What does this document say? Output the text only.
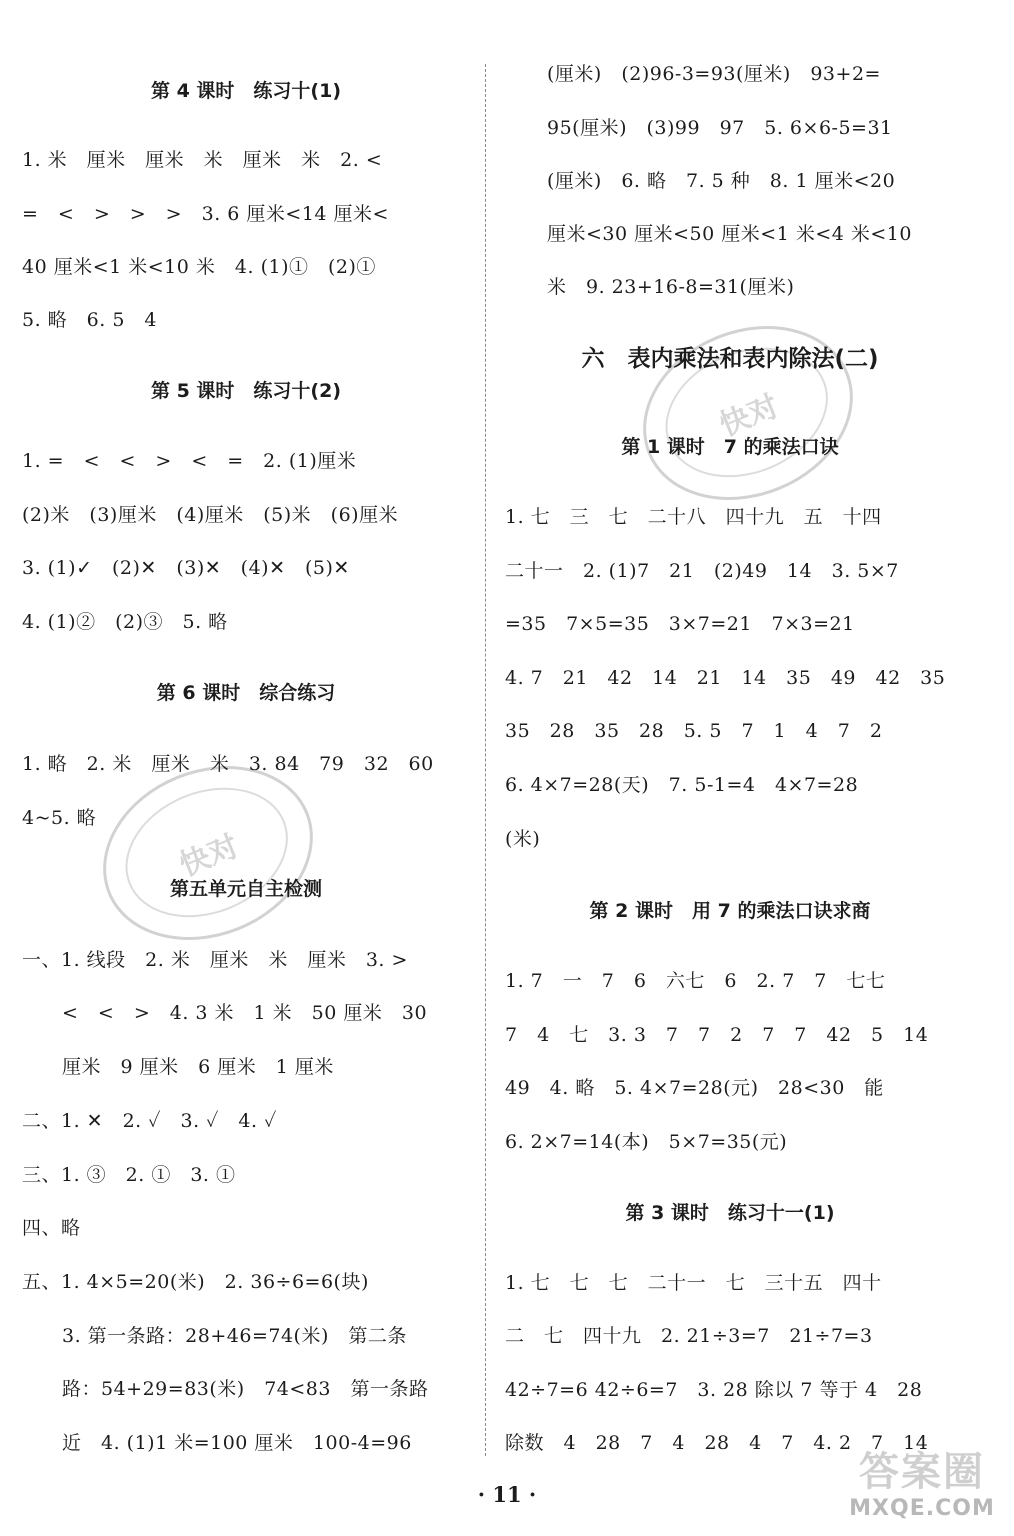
快对
快对
第 4 课时　练习十(1)
1. 米　厘米　厘米　米　厘米　米　2. <
=　<　>　>　>　3. 6 厘米<14 厘米<
40 厘米<1 米<10 米　4. (1)①　(2)①
5. 略　6. 5　4
第 5 课时　练习十(2)
1. =　<　<　>　<　=　2. (1)厘米
(2)米　(3)厘米　(4)厘米　(5)米　(6)厘米
3. (1)✓　(2)✕　(3)✕　(4)✕　(5)✕
4. (1)②　(2)③　5. 略
第 6 课时　综合练习
1. 略　2. 米　厘米　米　3. 84　79　32　60
4~5. 略
第五单元自主检测
一、1. 线段　2. 米　厘米　米　厘米　3. >
<　<　>　4. 3 米　1 米　50 厘米　30
厘米　9 厘米　6 厘米　1 厘米
二、1. ✕　2. ✓　3. ✓　4. ✓
三、1. ③　2. ①　3. ①
四、略
五、1. 4×5=20(米)　2. 36÷6=6(块)
3. 第一条路：28+46=74(米)　第二条
路：54+29=83(米)　74<83　第一条路
近　4. (1)1 米=100 厘米　100-4=96
(厘米)　(2)96-3=93(厘米)　93+2=
95(厘米)　(3)99　97　5. 6×6-5=31
(厘米)　6. 略　7. 5 种　8. 1 厘米<20
厘米<30 厘米<50 厘米<1 米<4 米<10
米　9. 23+16-8=31(厘米)
六　表内乘法和表内除法(二)
第 1 课时　7 的乘法口诀
1. 七　三　七　二十八　四十九　五　十四
二十一　2. (1)7　21　(2)49　14　3. 5×7
=35　7×5=35　3×7=21　7×3=21
4. 7　21　42　14　21　14　35　49　42　35
35　28　35　28　5. 5　7　1　4　7　2
6. 4×7=28(天)　7. 5-1=4　4×7=28
(米)
第 2 课时　用 7 的乘法口诀求商
1. 7　一　7　6　六七　6　2. 7　7　七七
7　4　七　3. 3　7　7　2　7　7　42　5　14
49　4. 略　5. 4×7=28(元)　28<30　能
6. 2×7=14(本)　5×7=35(元)
第 3 课时　练习十一(1)
1. 七　七　七　二十一　七　三十五　四十
二　七　四十九　2. 21÷3=7　21÷7=3
42÷7=6 42÷6=7　3. 28 除以 7 等于 4　28
除数　4　28　7　4　28　4　7　4. 2　7　14
· 11 ·	答案圈
MXQE.COM
